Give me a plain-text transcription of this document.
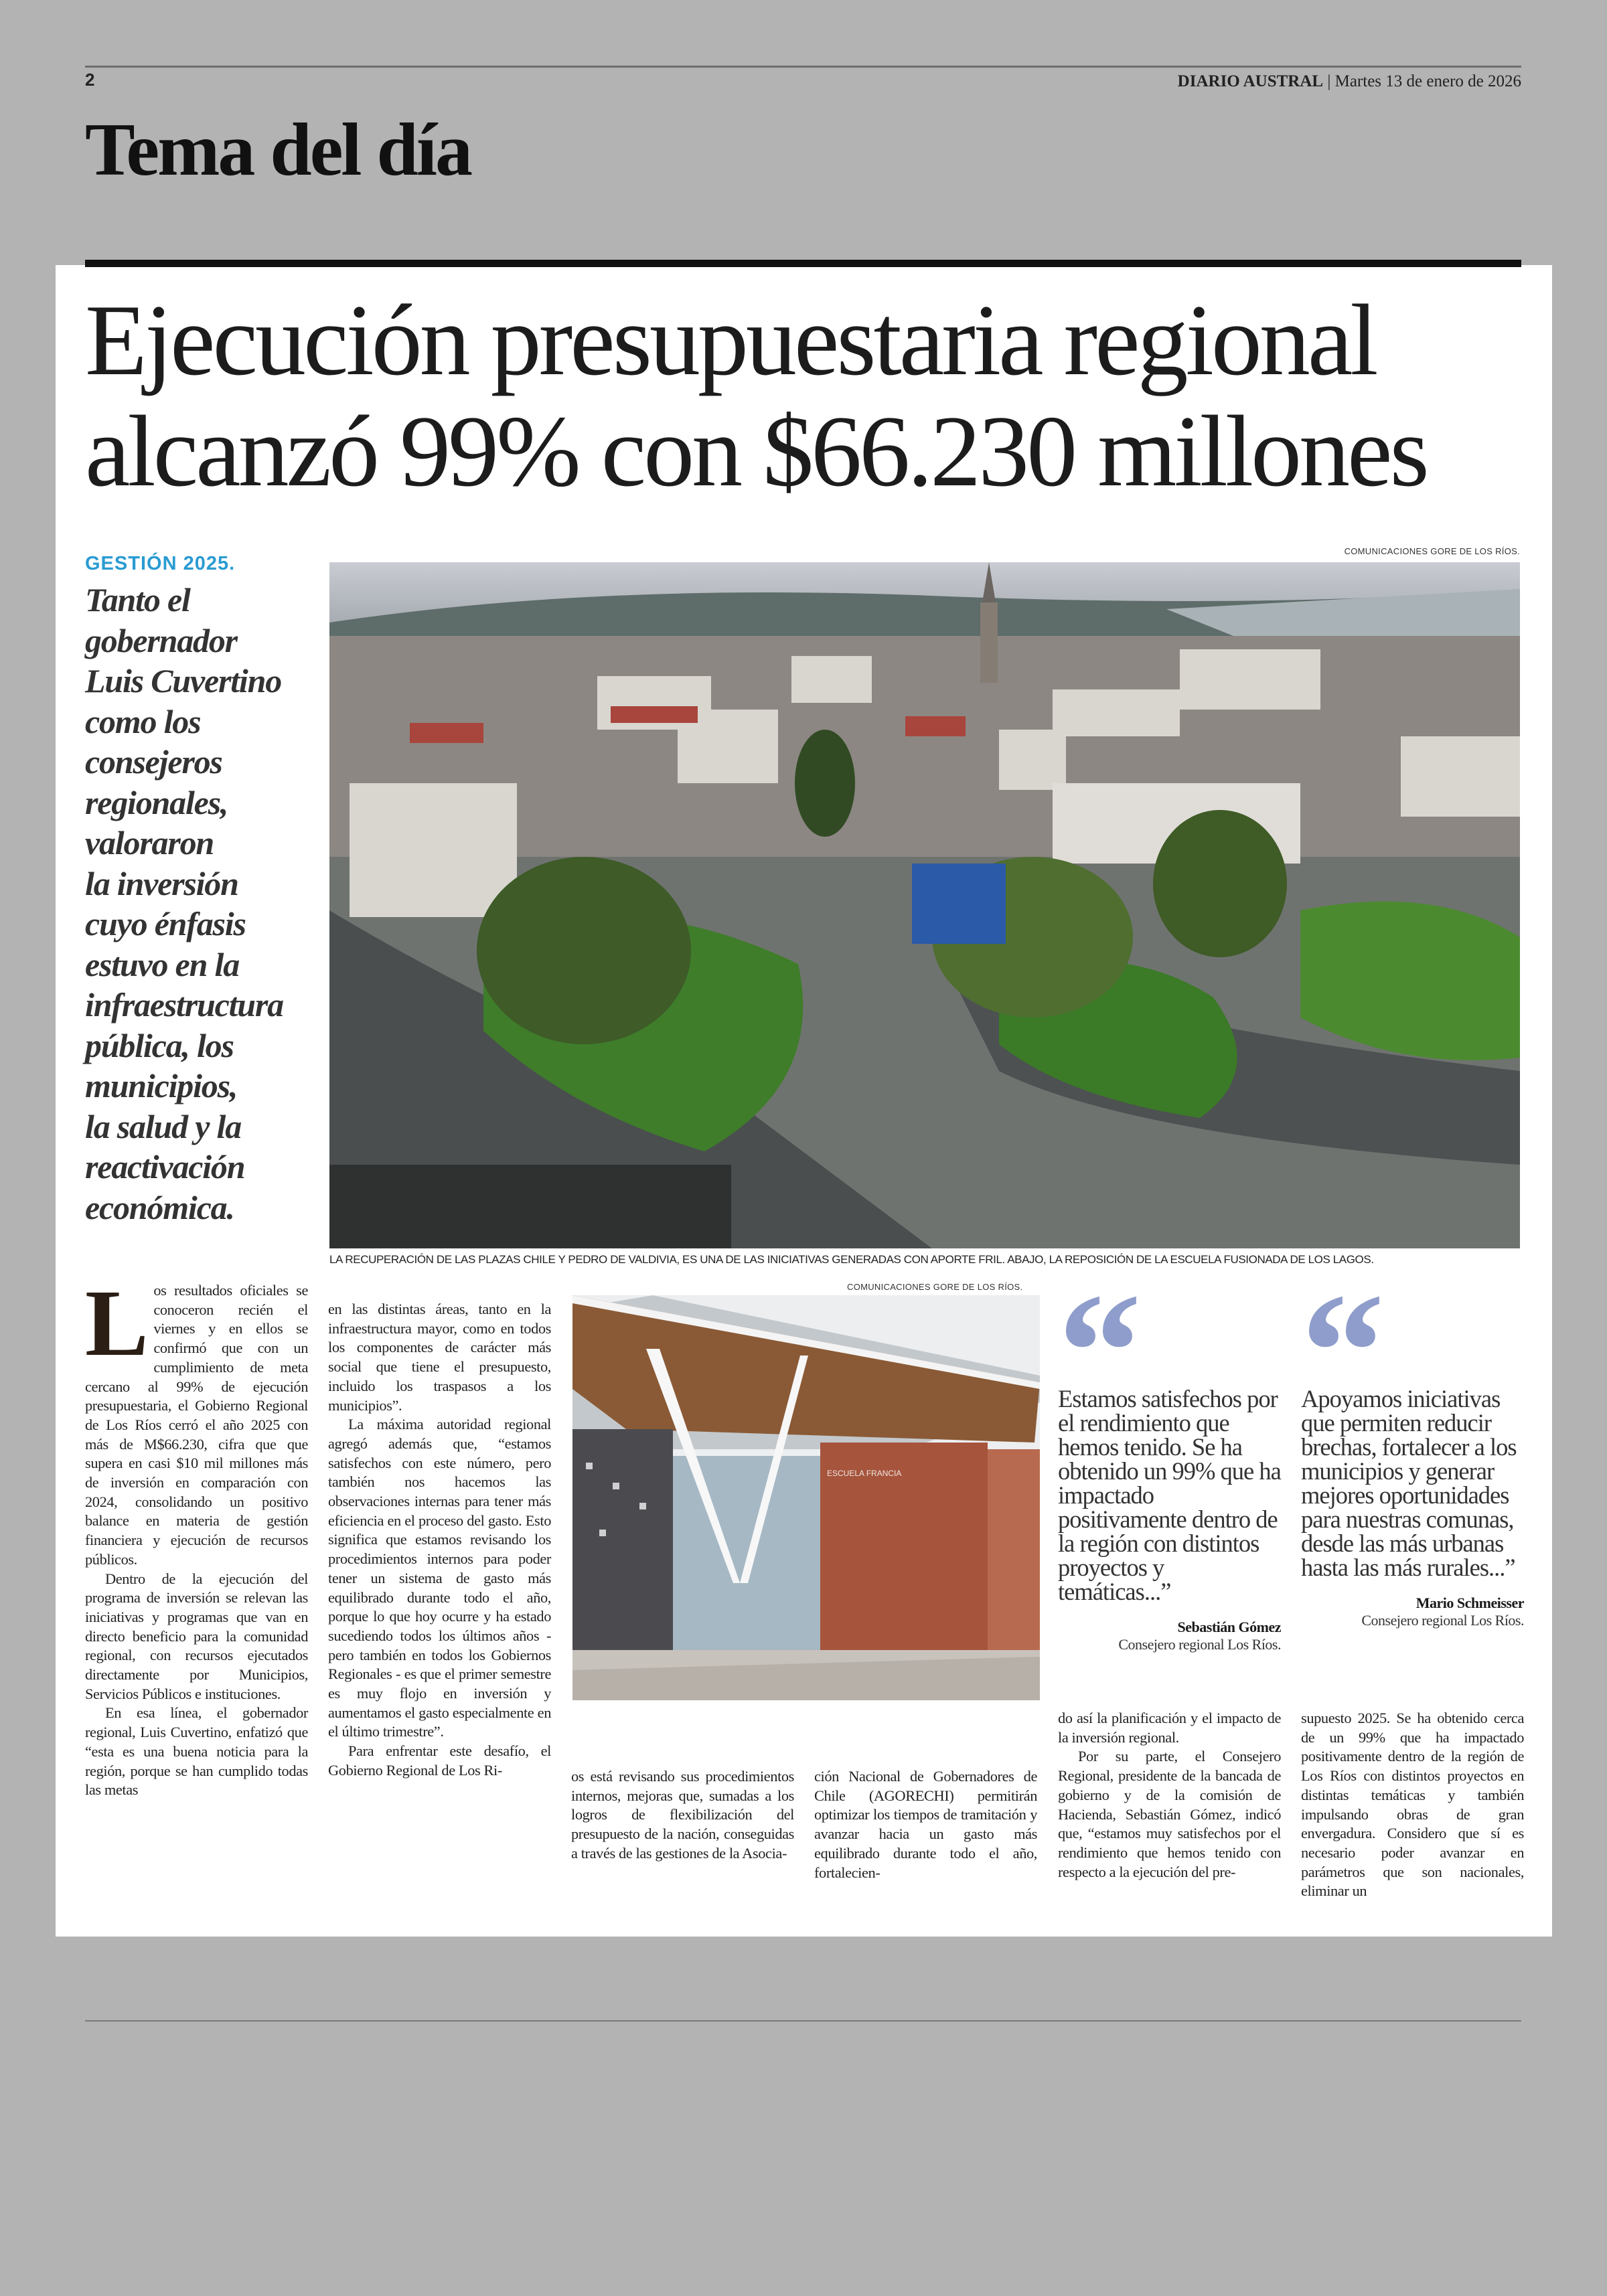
2	DIARIO AUSTRAL | Martes 13 de enero de 2026
Tema del día
Ejecución presupuestaria regional
alcanzó 99% con $66.230 millones
GESTIÓN 2025.
Tanto el
gobernador
Luis Cuvertino
como los
consejeros
regionales,
valoraron
la inversión
cuyo énfasis
estuvo en la
infraestructura
pública, los
municipios,
la salud y la
reactivación
económica.
COMUNICACIONES GORE DE LOS RÍOS.
LA RECUPERACIÓN DE LAS PLAZAS CHILE Y PEDRO DE VALDIVIA, ES UNA DE LAS INICIATIVAS GENERADAS CON APORTE FRIL. ABAJO, LA REPOSICIÓN DE LA ESCUELA FUSIONADA DE LOS LAGOS.
COMUNICACIONES GORE DE LOS RÍOS.
ESCUELA FRANCIA

Los resultados oficiales se conoceron recién el viernes y en ellos se confirmó que con un cumplimiento de meta cercano al 99% de ejecución presupuestaria, el Gobierno Regional de Los Ríos cerró el año 2025 con más de M$66.230, cifra que que supera en casi $10 mil millones más de inversión en comparación con 2024, consolidando un positivo balance en materia de gestión financiera y ejecución de recursos públicos.

Dentro de la ejecución del programa de inversión se relevan las iniciativas y programas que van en directo beneficio para la comunidad regional, con recursos ejecutados directamente por Municipios, Servicios Públicos e instituciones.

En esa línea, el gobernador regional, Luis Cuvertino, enfatizó que “esta es una buena noticia para la región, porque se han cumplido todas las metas

en las distintas áreas, tanto en la infraestructura mayor, como en todos los componentes de carácter más social que tiene el presupuesto, incluido los traspasos a los municipios”.

La máxima autoridad regional agregó además que, “estamos satisfechos con este número, pero también nos hacemos las observaciones internas para tener más eficiencia en el proceso del gasto. Esto significa que estamos revisando los procedimientos internos para poder tener un sistema de gasto más equilibrado durante todo el año, porque lo que hoy ocurre y ha estado sucediendo todos los últimos años - pero también en todos los Gobiernos Regionales - es que el primer semestre es muy flojo en inversión y aumentamos el gasto especialmente en el último trimestre”.

Para enfrentar este desafío, el Gobierno Regional de Los Ri-	os está revisando sus procedimientos internos, mejoras que, sumadas a los logros de flexibilización del presupuesto de la nación, conseguidas a través de las gestiones de la Asocia-

ción Nacional de Gobernadores de Chile (AGORECHI) permitirán optimizar los tiempos de tramitación y avanzar hacia un gasto más equilibrado durante todo el año, fortalecien-

do así la planificación y el impacto de la inversión regional.

Por su parte, el Consejero Regional, presidente de la bancada de gobierno y de la comisión de Hacienda, Sebastián Gómez, indicó que, “estamos muy satisfechos por el rendimiento que hemos tenido con respecto a la ejecución del pre-

supuesto 2025. Se ha obtenido cerca de un 99% que ha impactado positivamente dentro de la región de Los Ríos con distintos proyectos en distintas temáticas y también impulsando obras de gran envergadura. Considero que sí es necesario poder avanzar en parámetros que son nacionales, eliminar un

Estamos satisfechos por el rendimiento que hemos tenido. Se ha obtenido un 99% que ha impactado positivamente dentro de la región con distintos proyectos y temáticas...”
Sebastián Gómez
Consejero regional Los Ríos.
Apoyamos iniciativas que permiten reducir brechas, fortalecer a los municipios y generar mejores oportunidades para nuestras comunas, desde las más urbanas hasta las más rurales...”
Mario Schmeisser
Consejero regional Los Ríos.
